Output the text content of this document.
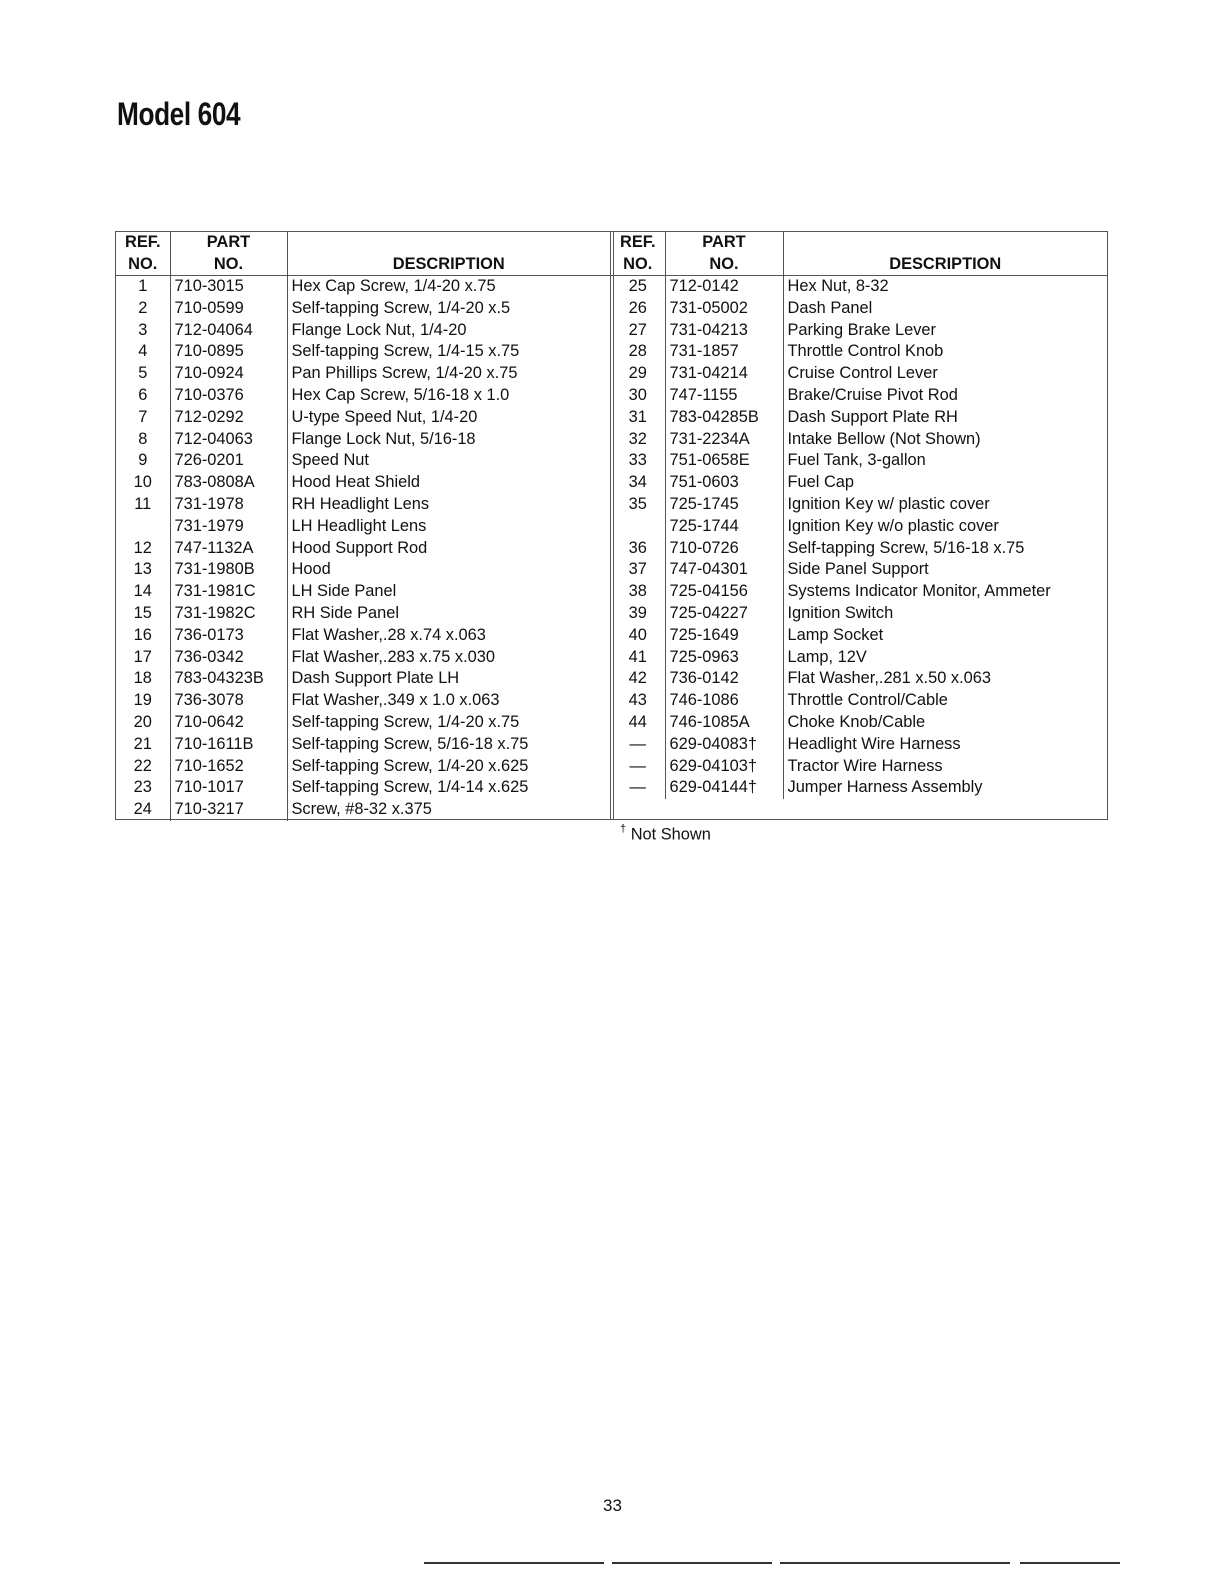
Model 604
REF.
NO.	PART
NO.	DESCRIPTION
1	710-3015	Hex Cap Screw, 1/4-20 x.75
2	710-0599	Self-tapping Screw, 1/4-20 x.5
3	712-04064	Flange Lock Nut, 1/4-20
4	710-0895	Self-tapping Screw, 1/4-15 x.75
5	710-0924	Pan Phillips Screw, 1/4-20 x.75
6	710-0376	Hex Cap Screw, 5/16-18 x 1.0
7	712-0292	U-type Speed Nut, 1/4-20
8	712-04063	Flange Lock Nut, 5/16-18
9	726-0201	Speed Nut
10	783-0808A	Hood Heat Shield
11	731-1978	RH Headlight Lens
	731-1979	LH Headlight Lens
12	747-1132A	Hood Support Rod
13	731-1980B	Hood
14	731-1981C	LH Side Panel
15	731-1982C	RH Side Panel
16	736-0173	Flat Washer,.28 x.74 x.063
17	736-0342	Flat Washer,.283 x.75 x.030
18	783-04323B	Dash Support Plate LH
19	736-3078	Flat Washer,.349 x 1.0 x.063
20	710-0642	Self-tapping Screw, 1/4-20 x.75
21	710-1611B	Self-tapping Screw, 5/16-18 x.75
22	710-1652	Self-tapping Screw, 1/4-20 x.625
23	710-1017	Self-tapping Screw, 1/4-14 x.625
24	710-3217	Screw, #8-32 x.375
REF.
NO.	PART
NO.	DESCRIPTION
25	712-0142	Hex Nut, 8-32
26	731-05002	Dash Panel
27	731-04213	Parking Brake Lever
28	731-1857	Throttle Control Knob
29	731-04214	Cruise Control Lever
30	747-1155	Brake/Cruise Pivot Rod
31	783-04285B	Dash Support Plate RH
32	731-2234A	Intake Bellow (Not Shown)
33	751-0658E	Fuel Tank, 3-gallon
34	751-0603	Fuel Cap
35	725-1745	Ignition Key w/ plastic cover
	725-1744	Ignition Key w/o plastic cover
36	710-0726	Self-tapping Screw, 5/16-18 x.75
37	747-04301	Side Panel Support
38	725-04156	Systems Indicator Monitor, Ammeter
39	725-04227	Ignition Switch
40	725-1649	Lamp Socket
41	725-0963	Lamp, 12V
42	736-0142	Flat Washer,.281 x.50 x.063
43	746-1086	Throttle Control/Cable
44	746-1085A	Choke Knob/Cable
—	629-04083†	Headlight Wire Harness
—	629-04103†	Tractor Wire Harness
—	629-04144†	Jumper Harness Assembly
† Not Shown
33
